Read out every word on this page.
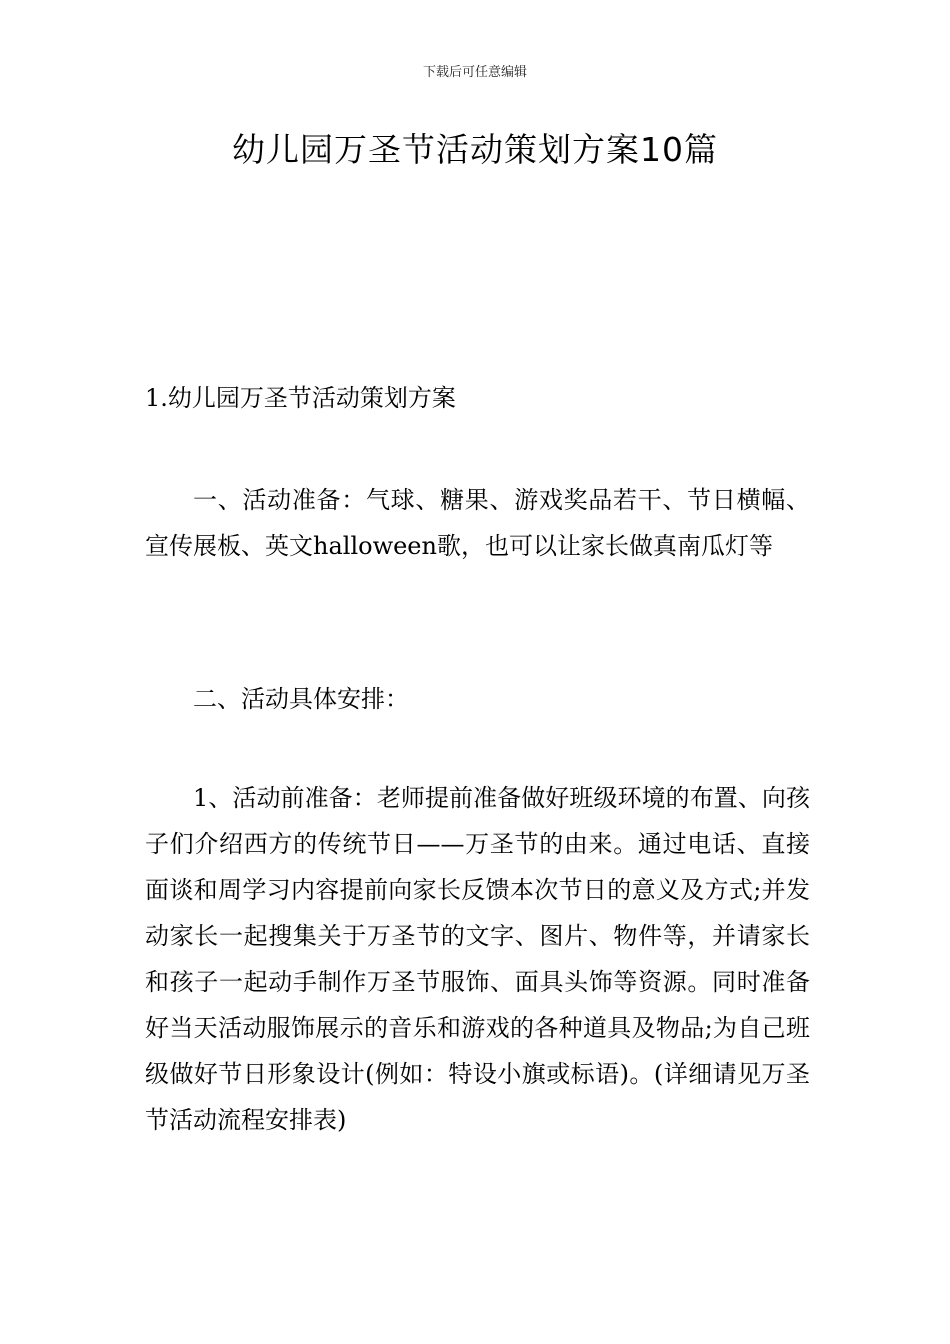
下载后可任意编辑
幼儿园万圣节活动策划方案10篇
1.幼儿园万圣节活动策划方案

一、活动准备：气球、糖果、游戏奖品若干、节日横幅、宣传展板、英文halloween歌，也可以让家长做真南瓜灯等

二、活动具体安排：

1、活动前准备：老师提前准备做好班级环境的布置、向孩子们介绍西方的传统节日——万圣节的由来。通过电话、直接面谈和周学习内容提前向家长反馈本次节日的意义及方式;并发动家长一起搜集关于万圣节的文字、图片、物件等，并请家长和孩子一起动手制作万圣节服饰、面具头饰等资源。同时准备好当天活动服饰展示的音乐和游戏的各种道具及物品;为自己班级做好节日形象设计(例如：特设小旗或标语)。(详细请见万圣节活动流程安排表)
